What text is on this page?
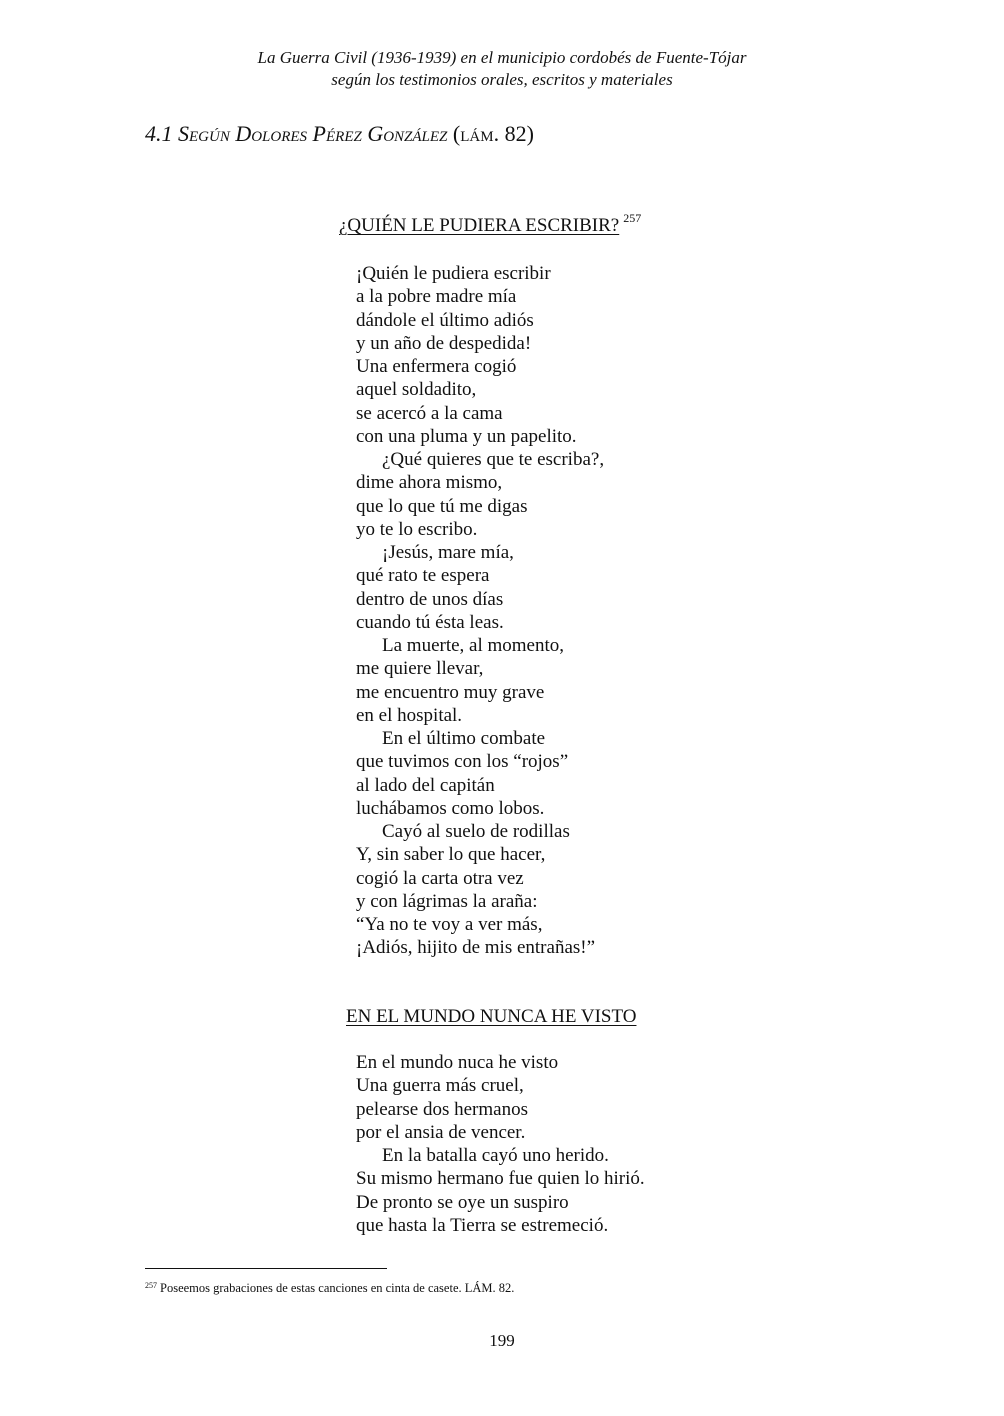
La Guerra Civil (1936-1939) en el municipio cordobés de Fuente-Tójar
según los testimonios orales, escritos y materiales
4.1 Según Dolores Pérez González (lám. 82)
¿QUIÉN LE PUDIERA ESCRIBIR? $^{257}$
¡Quién le pudiera escribir
a la pobre madre mía
dándole el último adiós
y un año de despedida!
Una enfermera cogió
aquel soldadito,
se acercó a la cama
con una pluma y un papelito.
¿Qué quieres que te escriba?,
dime ahora mismo,
que lo que tú me digas
yo te lo escribo.
¡Jesús, mare mía,
qué rato te espera
dentro de unos días
cuando tú ésta leas.
La muerte, al momento,
me quiere llevar,
me encuentro muy grave
en el hospital.
En el último combate
que tuvimos con los “rojos”
al lado del capitán
luchábamos como lobos.
Cayó al suelo de rodillas
Y, sin saber lo que hacer,
cogió la carta otra vez
y con lágrimas la araña:
“Ya no te voy a ver más,
¡Adiós, hijito de mis entrañas!”
EN EL MUNDO NUNCA HE VISTO
En el mundo nuca he visto
Una guerra más cruel,
pelearse dos hermanos
por el ansia de vencer.
En la batalla cayó uno herido.
Su mismo hermano fue quien lo hirió.
De pronto se oye un suspiro
que hasta la Tierra se estremeció.
$^{257}$ Poseemos grabaciones de estas canciones en cinta de casete. LÁM. 82.
199
